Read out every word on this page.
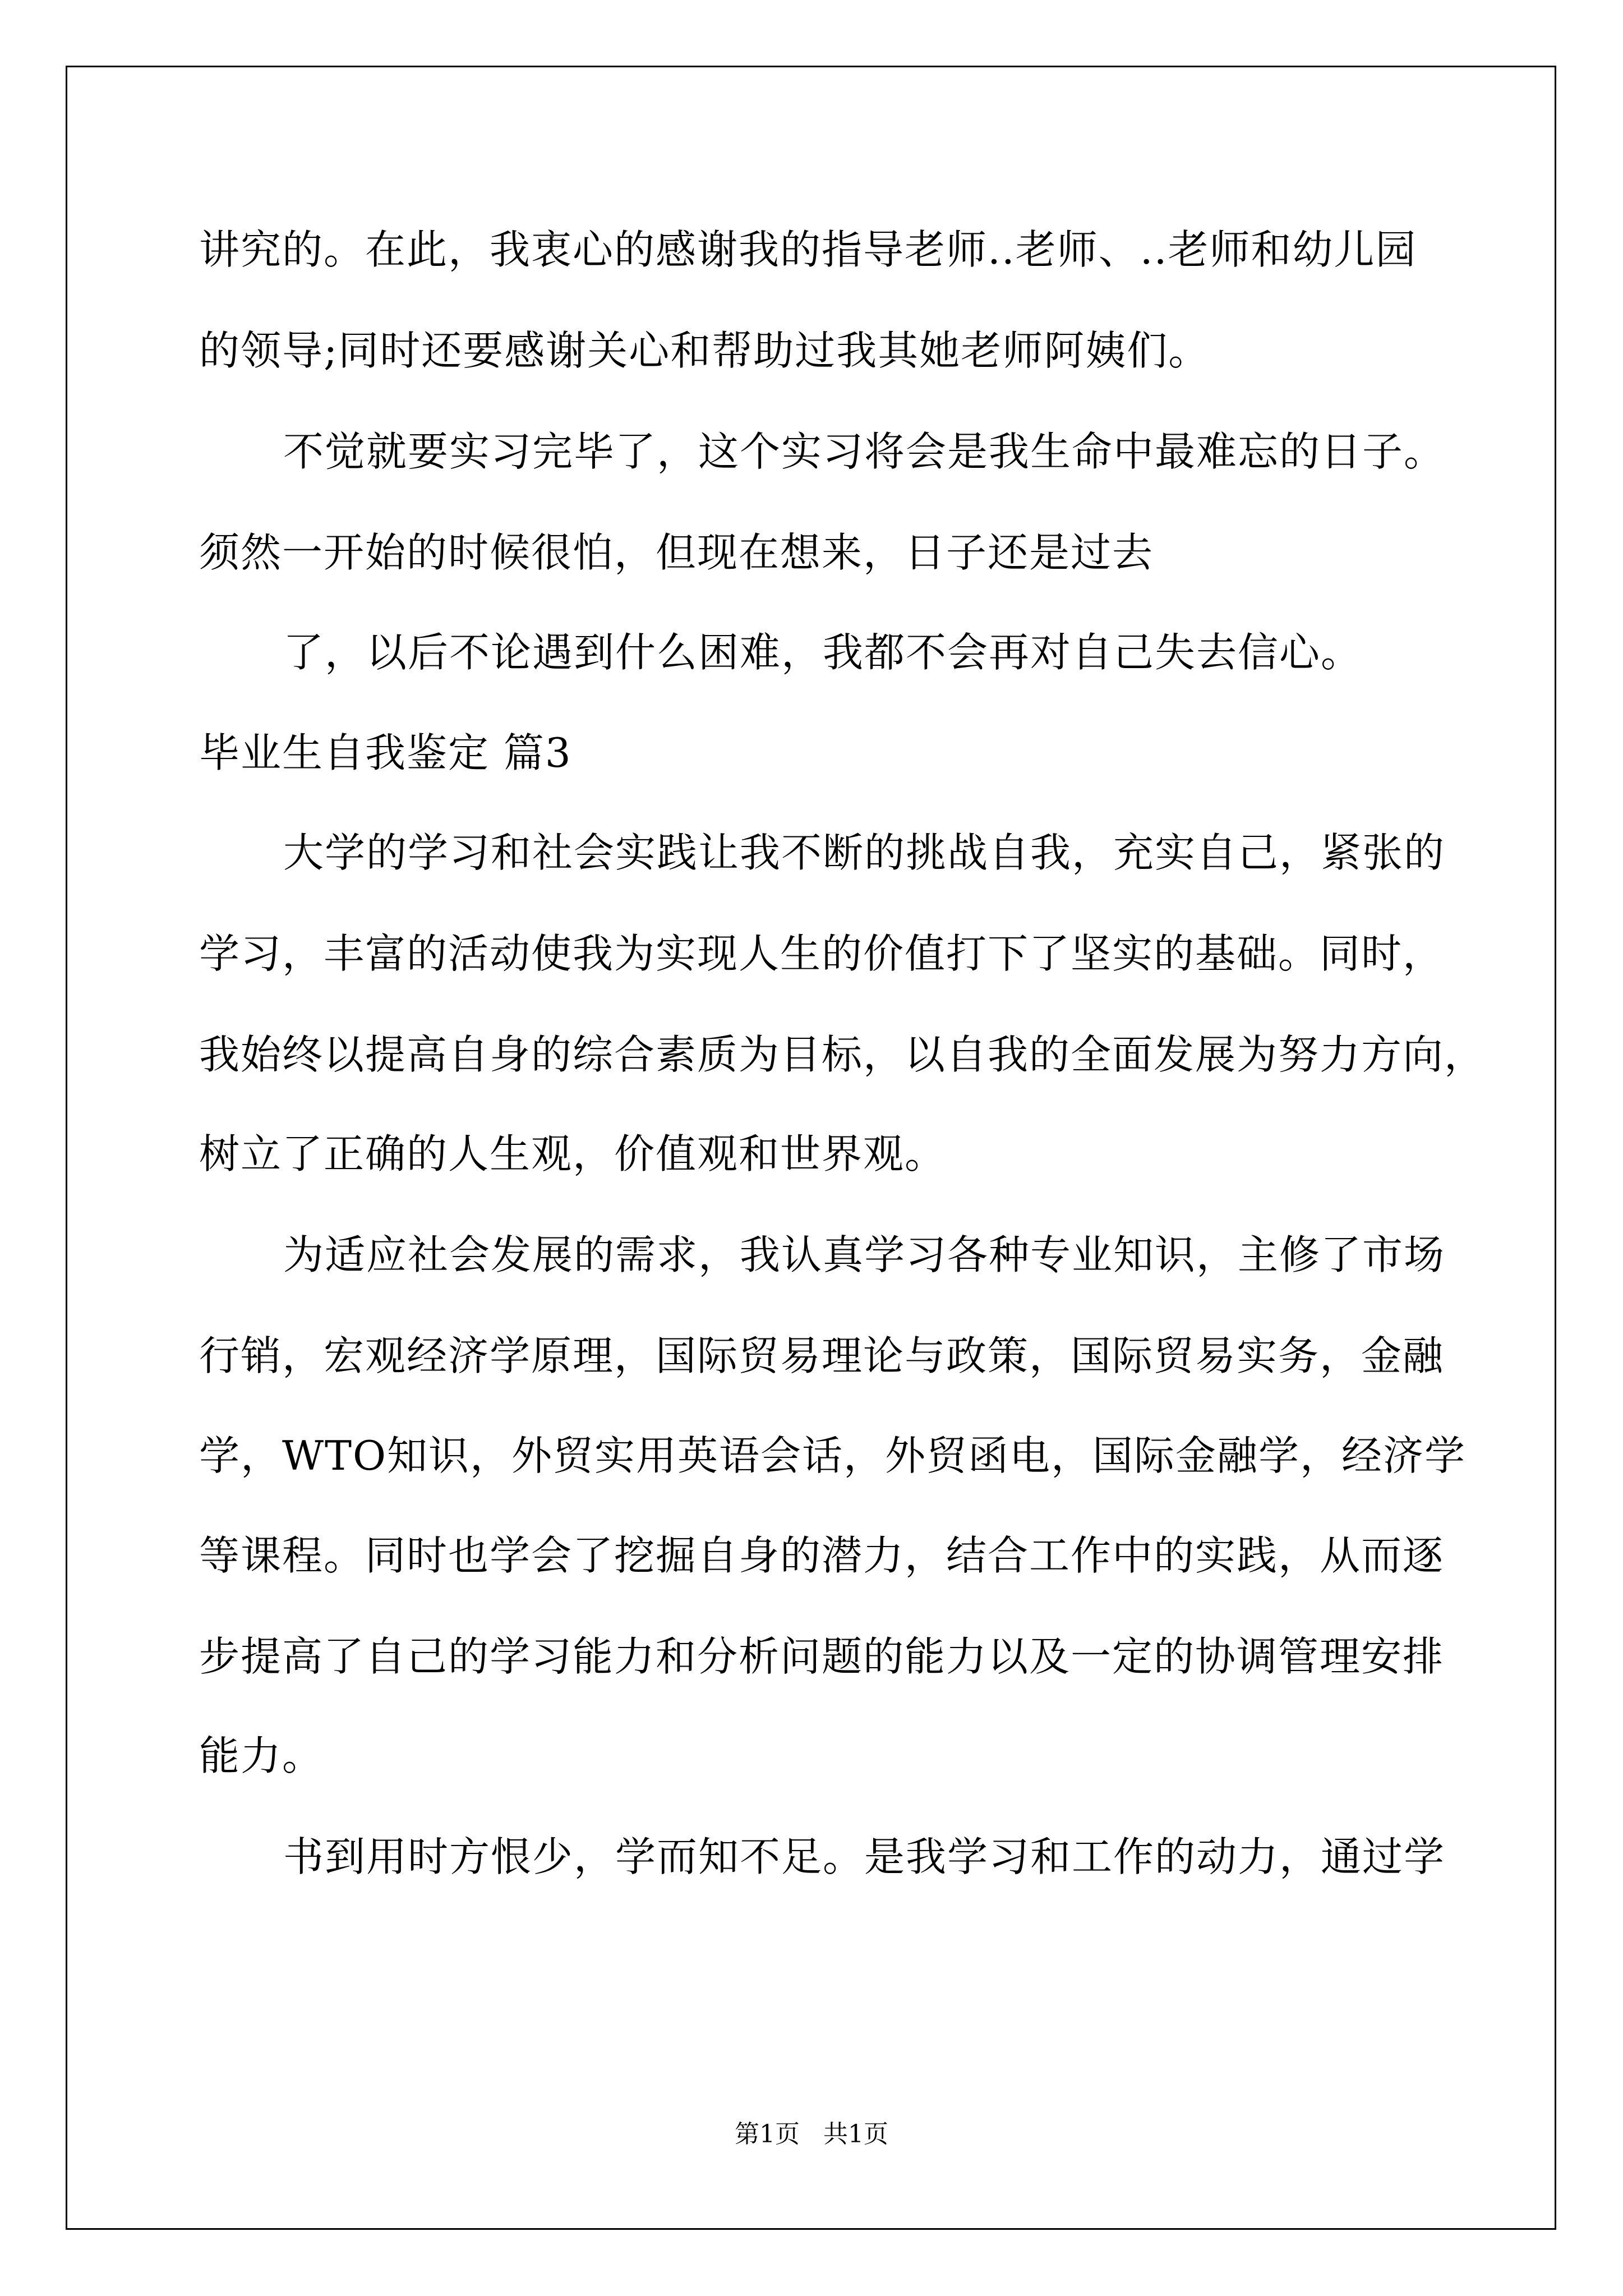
讲究的。在此，我衷心的感谢我的指导老师..老师、..老师和幼儿园
的领导;同时还要感谢关心和帮助过我其她老师阿姨们。
不觉就要实习完毕了，这个实习将会是我生命中最难忘的日子。
须然一开始的时候很怕，但现在想来，日子还是过去
了，以后不论遇到什么困难，我都不会再对自己失去信心。
毕业生自我鉴定 篇3
大学的学习和社会实践让我不断的挑战自我，充实自己，紧张的
学习，丰富的活动使我为实现人生的价值打下了坚实的基础。同时，
我始终以提高自身的综合素质为目标，以自我的全面发展为努力方向，
树立了正确的人生观，价值观和世界观。
为适应社会发展的需求，我认真学习各种专业知识，主修了市场
行销，宏观经济学原理，国际贸易理论与政策，国际贸易实务，金融
学，WTO知识，外贸实用英语会话，外贸函电，国际金融学，经济学
等课程。同时也学会了挖掘自身的潜力，结合工作中的实践，从而逐
步提高了自己的学习能力和分析问题的能力以及一定的协调管理安排
能力。
书到用时方恨少，学而知不足。是我学习和工作的动力，通过学
第1页   共1页
